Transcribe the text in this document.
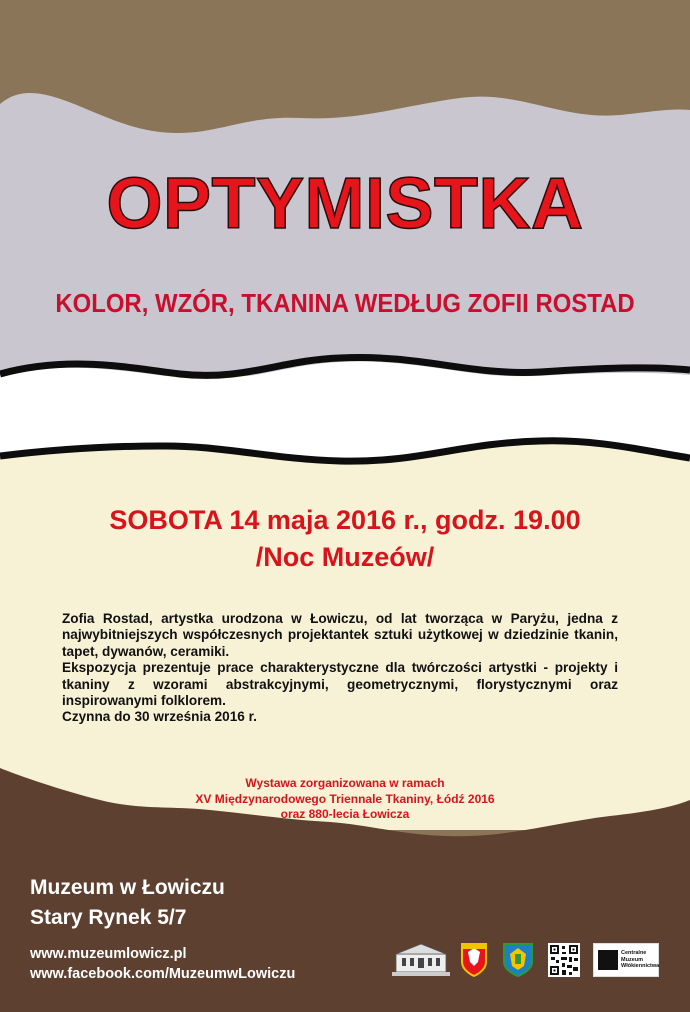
OPTYMISTKA
KOLOR, WZÓR, TKANINA WEDŁUG ZOFII ROSTAD
SOBOTA 14 maja 2016 r., godz. 19.00
/Noc Muzeów/

Zofia Rostad, artystka urodzona w Łowiczu, od lat tworząca w Paryżu, jedna z najwybitniejszych współczesnych projektantek sztuki użytkowej w dziedzinie tkanin, tapet, dywanów, ceramiki.

Ekspozycja prezentuje prace charakterystyczne dla twórczości artystki - projekty i tkaniny z wzorami abstrakcyjnymi, geometrycznymi, florystycznymi oraz inspirowanymi folklorem.

Czynna do 30 września 2016 r.

Wystawa zorganizowana w ramach

XV Międzynarodowego Triennale Tkaniny, Łódź 2016

oraz 880-lecia Łowicza

Muzeum w Łowiczu

Stary Rynek 5/7

www.muzeumlowicz.pl

www.facebook.com/MuzeumwLowiczu

Centralne
Muzeum
Włókiennictwa
